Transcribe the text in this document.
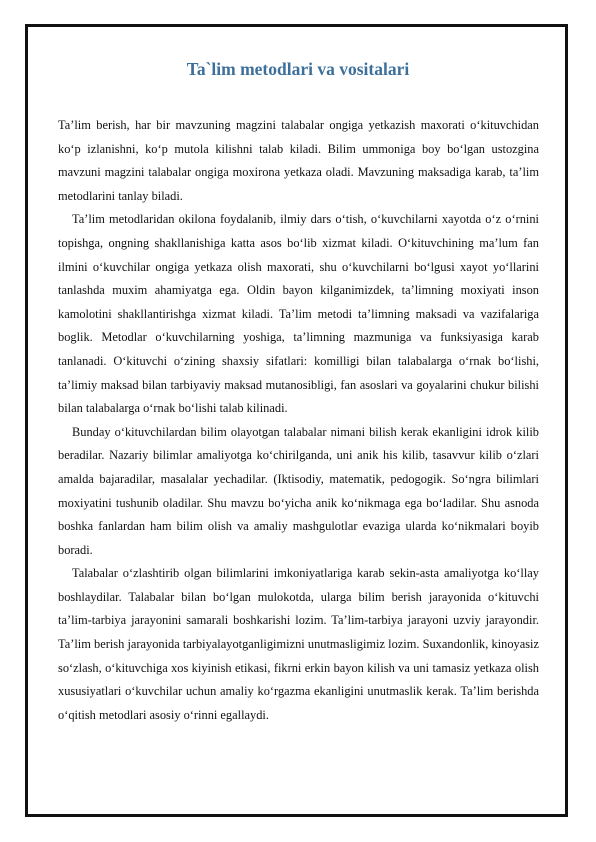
Ta`lim metodlari va vositalari

Ta’lim berish, har bir mavzuning magzini talabalar ongiga yetkazish maxorati o‘kituvchidan ko‘p izlanishni, ko‘p mutola kilishni talab kiladi. Bilim ummoniga boy bo‘lgan ustozgina mavzuni magzini talabalar ongiga moxirona yetkaza oladi. Mavzuning maksadiga karab, ta’lim metodlarini tanlay biladi.

Ta’lim metodlaridan okilona foydalanib, ilmiy dars o‘tish, o‘kuvchilarni xayotda o‘z o‘rnini topishga, ongning shakllanishiga katta asos bo‘lib xizmat kiladi. O‘kituvchining ma’lum fan ilmini o‘kuvchilar ongiga yetkaza olish maxorati, shu o‘kuvchilarni bo‘lgusi xayot yo‘llarini tanlashda muxim ahamiyatga ega. Oldin bayon kilganimizdek, ta’limning moxiyati inson kamolotini shakllantirishga xizmat kiladi. Ta’lim metodi ta’limning maksadi va vazifalariga boglik. Metodlar o‘kuvchilarning yoshiga, ta’limning mazmuniga va funksiyasiga karab tanlanadi. O‘kituvchi o‘zining shaxsiy sifatlari: komilligi bilan talabalarga o‘rnak bo‘lishi, ta’limiy maksad bilan tarbiyaviy maksad mutanosibligi, fan asoslari va goyalarini chukur bilishi bilan talabalarga o‘rnak bo‘lishi talab kilinadi.

Bunday o‘kituvchilardan bilim olayotgan talabalar nimani bilish kerak ekanligini idrok kilib beradilar. Nazariy bilimlar amaliyotga ko‘chirilganda, uni anik his kilib, tasavvur kilib o‘zlari amalda bajaradilar, masalalar yechadilar. (Iktisodiy, matematik, pedogogik. So‘ngra bilimlari moxiyatini tushunib oladilar. Shu mavzu bo‘yicha anik ko‘nikmaga ega bo‘ladilar. Shu asnoda boshka fanlardan ham bilim olish va amaliy mashgulotlar evaziga ularda ko‘nikmalari boyib boradi.

Talabalar o‘zlashtirib olgan bilimlarini imkoniyatlariga karab sekin-asta amaliyotga ko‘llay boshlaydilar. Talabalar bilan bo‘lgan mulokotda, ularga bilim berish jarayonida o‘kituvchi ta’lim-tarbiya jarayonini samarali boshkarishi lozim. Ta’lim-tarbiya jarayoni uzviy jarayondir. Ta’lim berish jarayonida tarbiyalayotganligimizni unutmasligimiz lozim. Suxandonlik, kinoyasiz so‘zlash, o‘kituvchiga xos kiyinish etikasi, fikrni erkin bayon kilish va uni tamasiz yetkaza olish xususiyatlari o‘kuvchilar uchun amaliy ko‘rgazma ekanligini unutmaslik kerak. Ta’lim berishda o‘qitish metodlari asosiy o‘rinni egallaydi.
